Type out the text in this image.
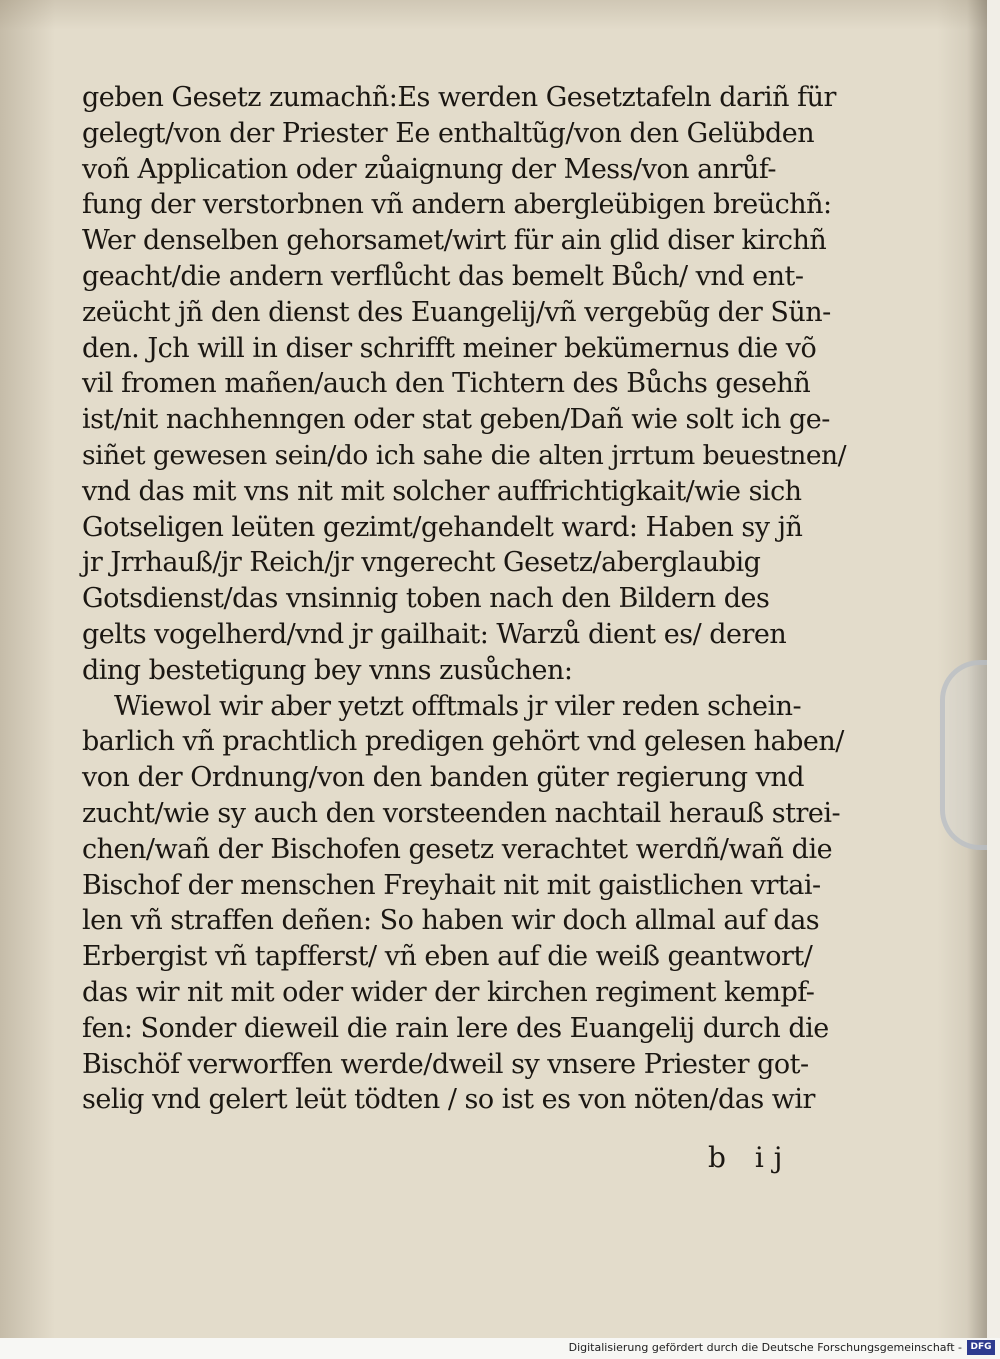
geben Gesetz zumachñ:Es werden Gesetztafeln dariñ für
gelegt/von der Priester Ee enthaltũg/von den Gelübden
voñ Application oder zůaignung der Mess/von anrůf-
fung der verstorbnen vñ andern abergleübigen breüchñ:
Wer denselben gehorsamet/wirt für ain glid diser kirchñ
geacht/die andern verflůcht das bemelt Bůch/ vnd ent-
zeücht jñ den dienst des Euangelij/vñ vergebũg der Sün-
den. Jch will in diser schrifft meiner bekümernus die võ
vil fromen mañen/auch den Tichtern des Bůchs gesehñ
ist/nit nachhenngen oder stat geben/Dañ wie solt ich ge-
siñet gewesen sein/do ich sahe die alten jrrtum beuestnen/
vnd das mit vns nit mit solcher auffrichtigkait/wie sich
Gotseligen leüten gezimt/gehandelt ward: Haben sy jñ
jr Jrrhauß/jr Reich/jr vngerecht Gesetz/aberglaubig
Gotsdienst/das vnsinnig toben nach den Bildern des
gelts vogelherd/vnd jr gailhait: Warzů dient es/ deren
ding bestetigung bey vnns zusůchen:
Wiewol wir aber yetzt offtmals jr viler reden schein-
barlich vñ prachtlich predigen gehört vnd gelesen haben/
von der Ordnung/von den banden güter regierung vnd
zucht/wie sy auch den vorsteenden nachtail herauß strei-
chen/wañ der Bischofen gesetz verachtet werdñ/wañ die
Bischof der menschen Freyhait nit mit gaistlichen vrtai-
len vñ straffen deñen: So haben wir doch allmal auf das
Erbergist vñ tapfferst/ vñ eben auf die weiß geantwort/
das wir nit mit oder wider der kirchen regiment kempf-
fen: Sonder dieweil die rain lere des Euangelij durch die
Bischöf verworffen werde/dweil sy vnsere Priester got-
selig vnd gelert leüt tödten / so ist es von nöten/das wir
b ij
Digitalisierung gefördert durch die Deutsche Forschungsgemeinschaft - DFG
